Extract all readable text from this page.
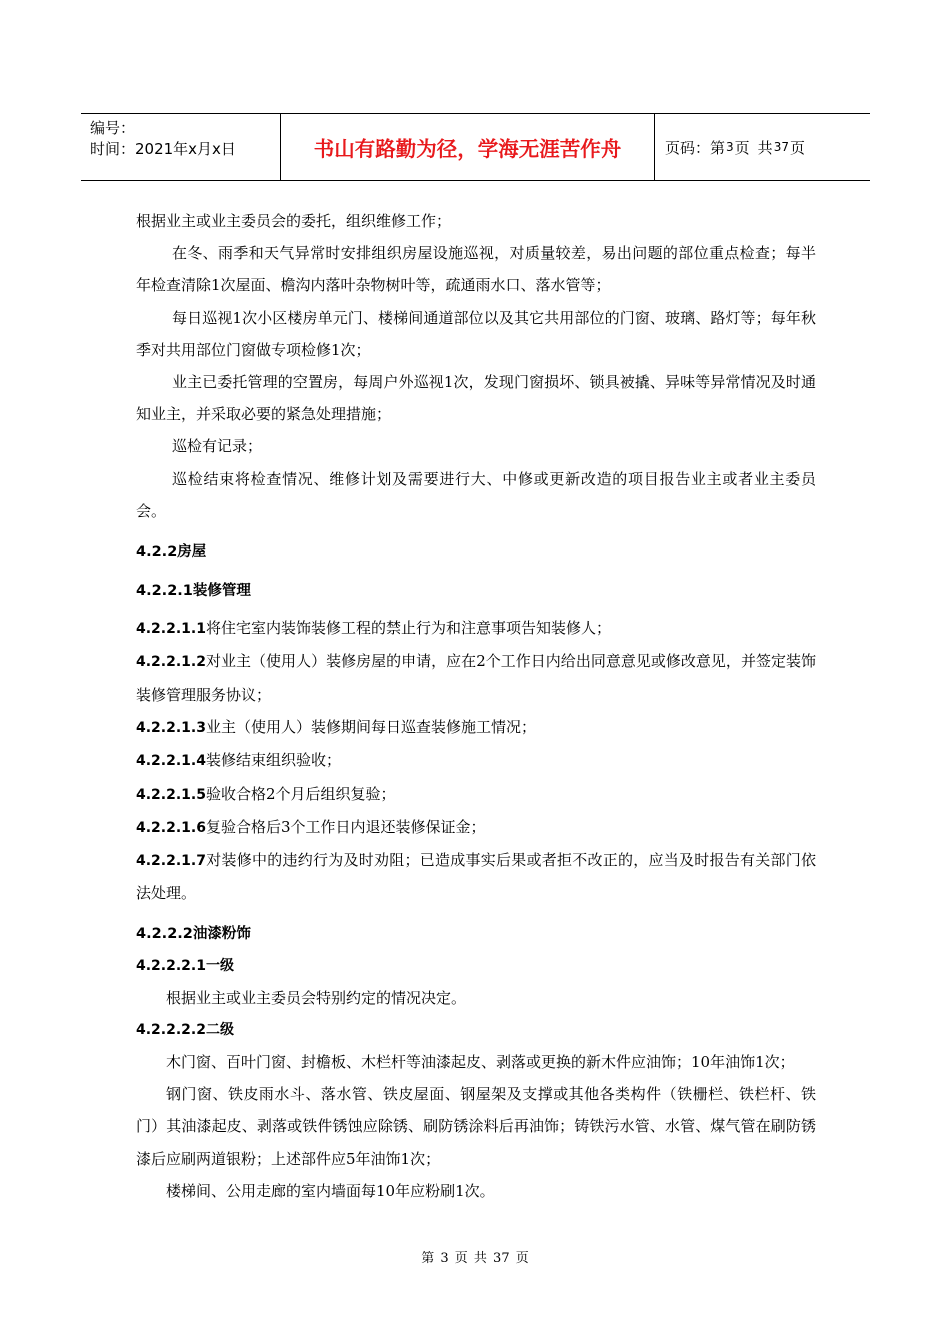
编号：
时间：2021年x月x日	书山有路勤为径，学海无涯苦作舟	页码：第 3 页 共 37 页

根据业主或业主委员会的委托，组织维修工作；

在冬、雨季和天气异常时安排组织房屋设施巡视，对质量较差，易出问题的部位重点检查；每半年检查清除1次屋面、檐沟内落叶杂物树叶等，疏通雨水口、落水管等；

每日巡视1次小区楼房单元门、楼梯间通道部位以及其它共用部位的门窗、玻璃、路灯等；每年秋季对共用部位门窗做专项检修1次；

业主已委托管理的空置房，每周户外巡视1次，发现门窗损坏、锁具被撬、异味等异常情况及时通知业主，并采取必要的紧急处理措施；

巡检有记录；

巡检结束将检查情况、维修计划及需要进行大、中修或更新改造的项目报告业主或者业主委员会。

4.2.2房屋

4.2.2.1装修管理

4.2.2.1.1将住宅室内装饰装修工程的禁止行为和注意事项告知装修人；

4.2.2.1.2对业主（使用人）装修房屋的申请，应在2个工作日内给出同意意见或修改意见，并签定装饰装修管理服务协议；

4.2.2.1.3业主（使用人）装修期间每日巡查装修施工情况；

4.2.2.1.4装修结束组织验收；

4.2.2.1.5验收合格2个月后组织复验；

4.2.2.1.6复验合格后3个工作日内退还装修保证金；

4.2.2.1.7对装修中的违约行为及时劝阻；已造成事实后果或者拒不改正的，应当及时报告有关部门依法处理。

4.2.2.2油漆粉饰

4.2.2.2.1一级

根据业主或业主委员会特别约定的情况决定。

4.2.2.2.2二级

木门窗、百叶门窗、封檐板、木栏杆等油漆起皮、剥落或更换的新木件应油饰；10年油饰1次；

钢门窗、铁皮雨水斗、落水管、铁皮屋面、钢屋架及支撑或其他各类构件（铁栅栏、铁栏杆、铁门）其油漆起皮、剥落或铁件锈蚀应除锈、刷防锈涂料后再油饰；铸铁污水管、水管、煤气管在刷防锈漆后应刷两道银粉；上述部件应5年油饰1次；

楼梯间、公用走廊的室内墙面每10年应粉刷1次。

第 3 页 共 37 页
